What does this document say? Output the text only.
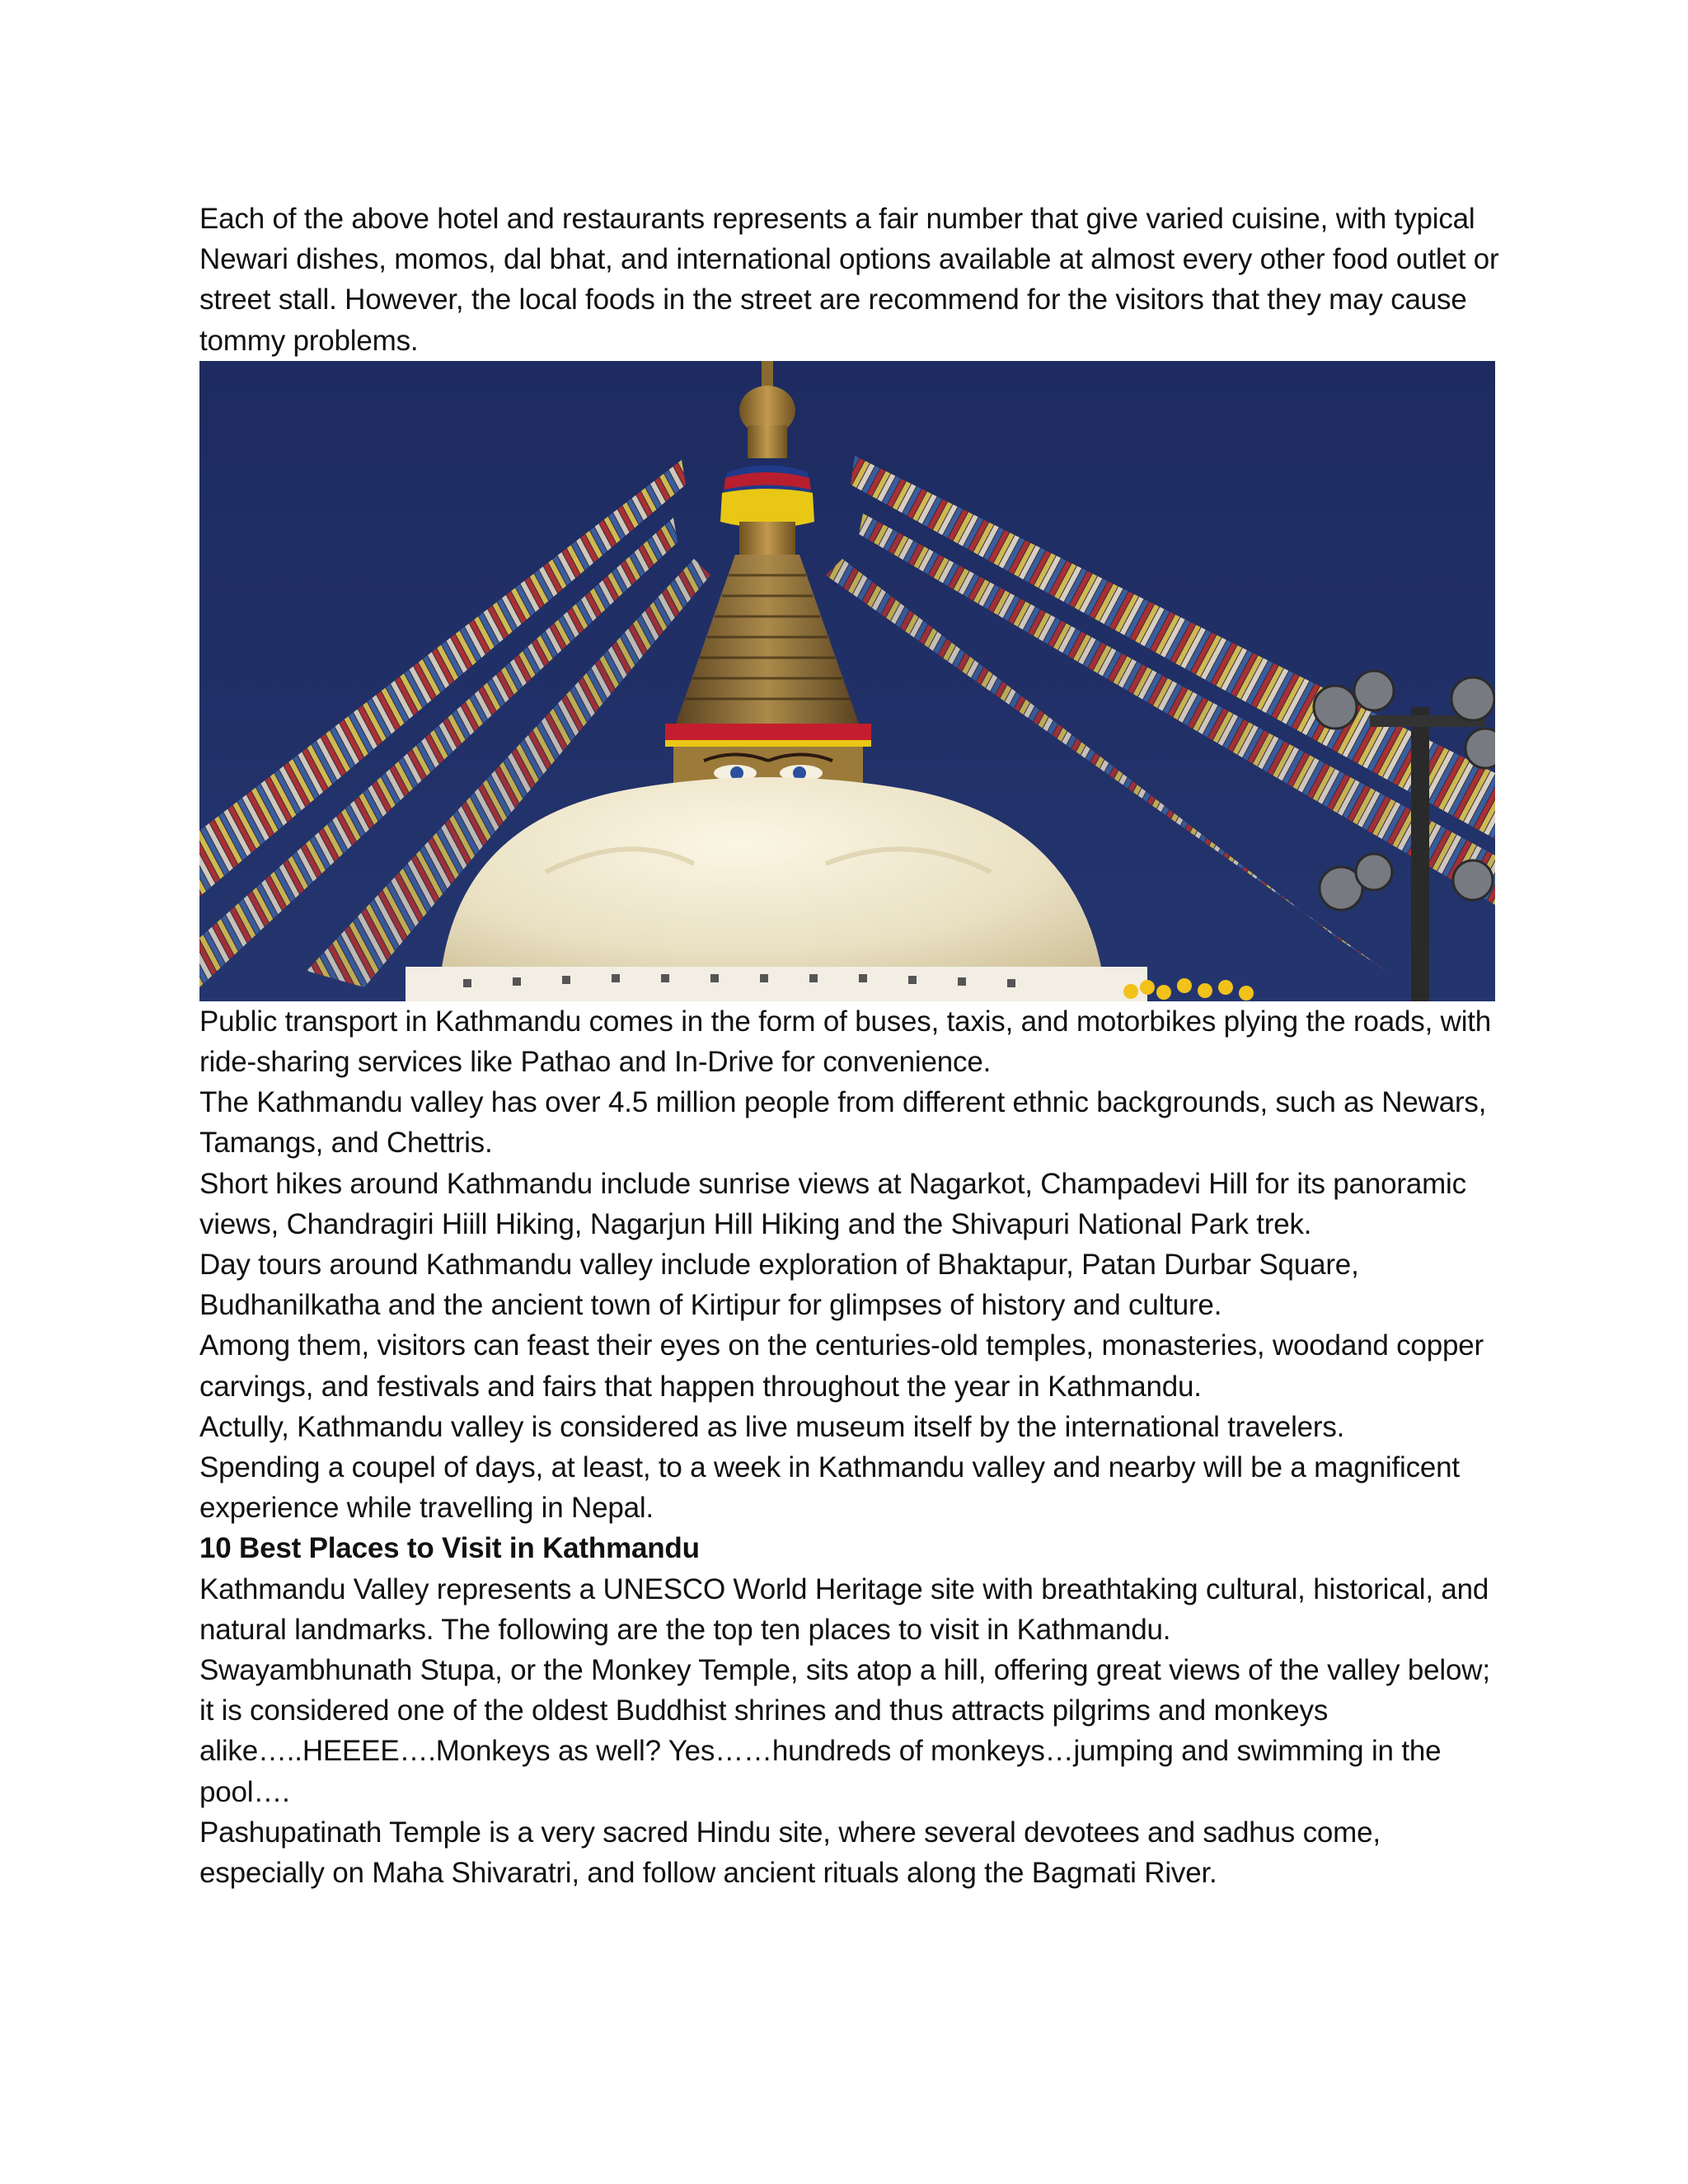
Each of the above hotel and restaurants represents a fair number that give varied cuisine, with typical Newari dishes, momos, dal bhat, and international options available at almost every other food outlet or street stall. However, the local foods in the street are recommend for the visitors that they may cause tommy problems.

Public transport in Kathmandu comes in the form of buses, taxis, and motorbikes plying the roads, with ride-sharing services like Pathao and In-Drive for convenience.

The Kathmandu valley has over 4.5 million people from different ethnic backgrounds, such as Newars, Tamangs, and Chettris.

Short hikes around Kathmandu include sunrise views at Nagarkot, Champadevi Hill for its panoramic views, Chandragiri Hiill Hiking, Nagarjun Hill Hiking and the Shivapuri National Park trek.

Day tours around Kathmandu valley include exploration of Bhaktapur, Patan Durbar Square, Budhanilkatha and the ancient town of Kirtipur for glimpses of history and culture.

Among them, visitors can feast their eyes on the centuries-old temples, monasteries, woodand copper carvings, and festivals and fairs that happen throughout the year in Kathmandu.

Actully, Kathmandu valley is considered as live museum itself by the international travelers.

Spending a coupel of days, at least, to a week in Kathmandu valley and nearby will be a magnificent experience while travelling in Nepal.

10 Best Places to Visit in Kathmandu

Kathmandu Valley represents a UNESCO World Heritage site with breathtaking cultural, historical, and natural landmarks. The following are the top ten places to visit in Kathmandu.

Swayambhunath Stupa, or the Monkey Temple, sits atop a hill, offering great views of the valley below; it is considered one of the oldest Buddhist shrines and thus attracts pilgrims and monkeys alike…..HEEEE….Monkeys as well? Yes……hundreds of monkeys…jumping and swimming in the pool….

Pashupatinath Temple is a very sacred Hindu site, where several devotees and sadhus come, especially on Maha Shivaratri, and follow ancient rituals along the Bagmati River.
